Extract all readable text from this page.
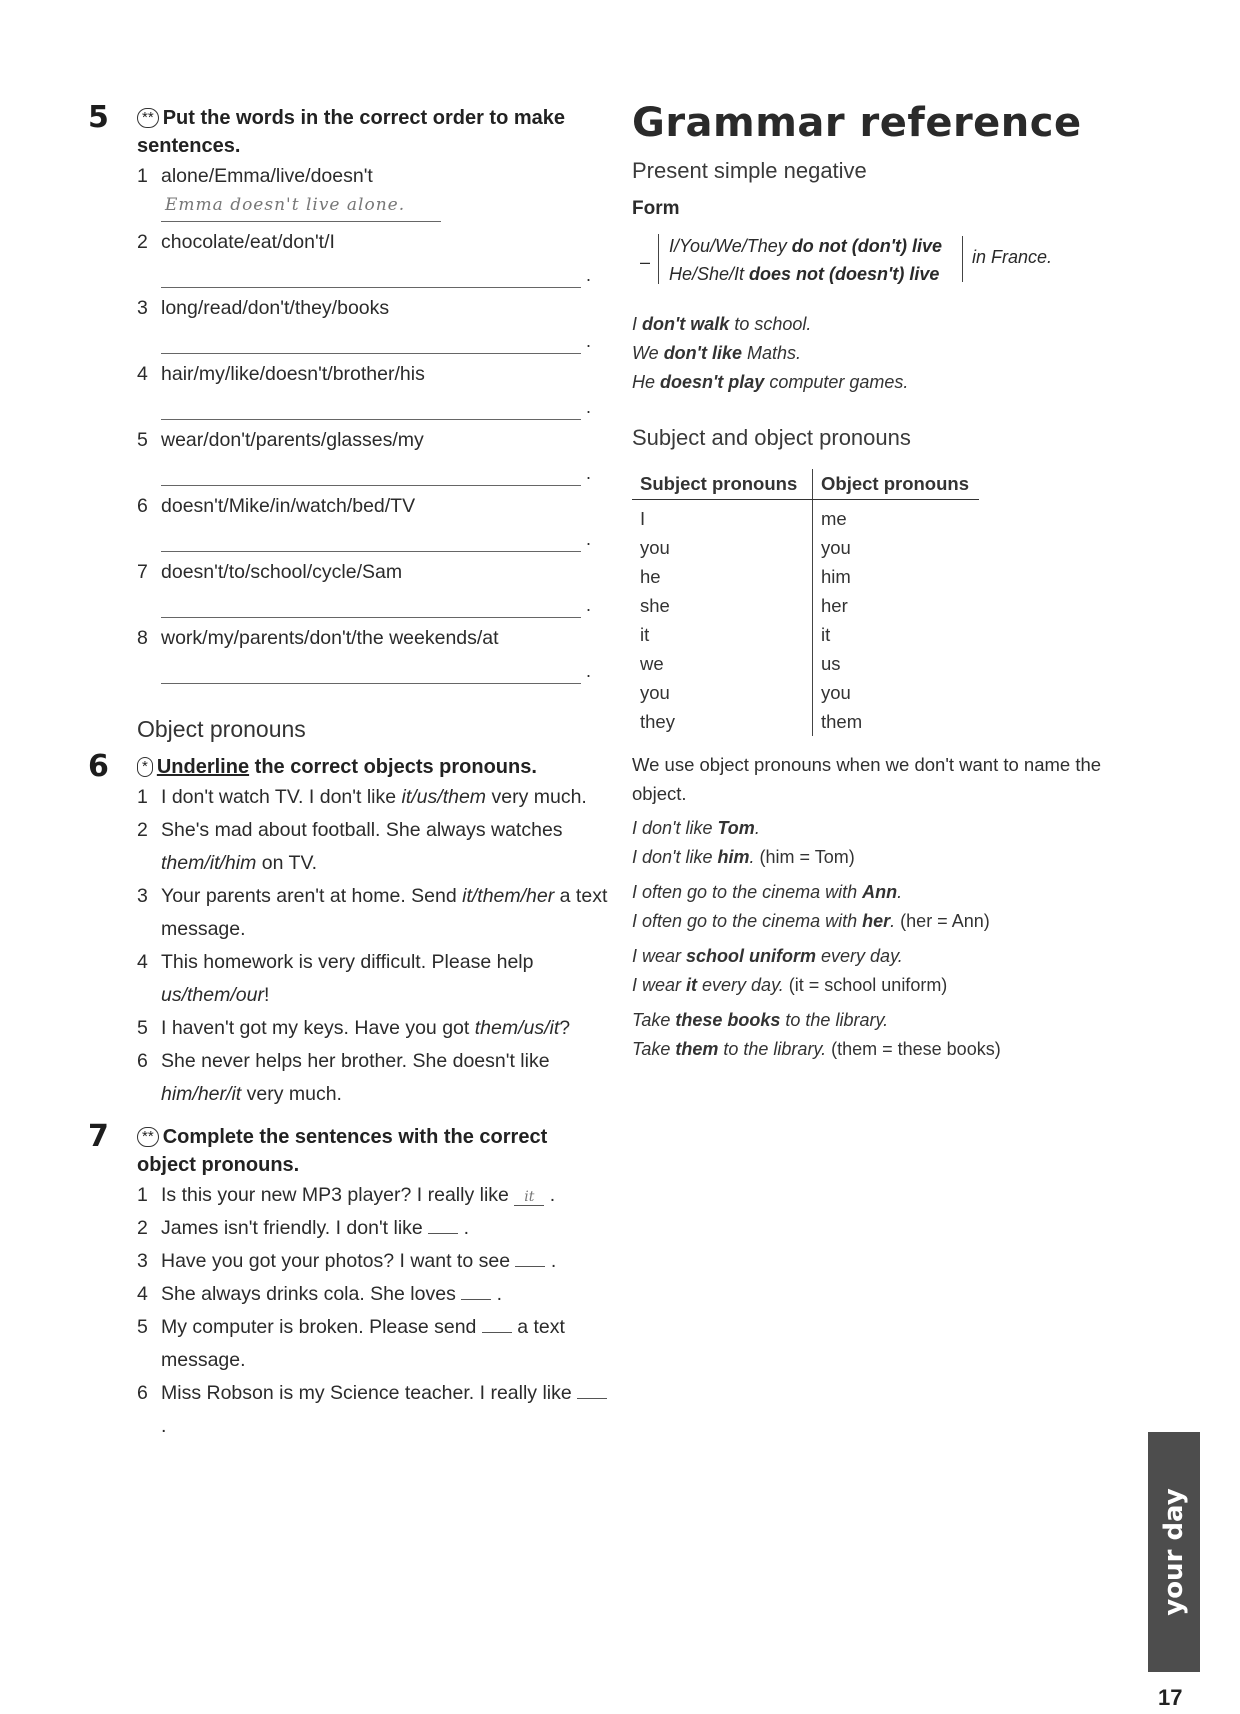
5	** Put the words in the correct order to make sentences.
1 alone/Emma/live/doesn't
Emma doesn't live alone.
2 chocolate/eat/don't/I
.
3 long/read/don't/they/books
.
4 hair/my/like/doesn't/brother/his
.
5 wear/don't/parents/glasses/my
.
6 doesn't/Mike/in/watch/bed/TV
.
7 doesn't/to/school/cycle/Sam
.
8 work/my/parents/don't/the weekends/at
.
Object pronouns
6	* Underline the correct objects pronouns.
1 I don't watch TV. I don't like it/us/them very much.
2 She's mad about football. She always watches them/it/him on TV.
3 Your parents aren't at home. Send it/them/her a text message.
4 This homework is very difficult. Please help us/them/our!
5 I haven't got my keys. Have you got them/us/it?
6 She never helps her brother. She doesn't like him/her/it very much.
7	** Complete the sentences with the correct object pronouns.
1 Is this your new MP3 player? I really like it .
2 James isn't friendly. I don't like  .
3 Have you got your photos? I want to see  .
4 She always drinks cola. She loves  .
5 My computer is broken. Please send  a text message.
6 Miss Robson is my Science teacher. I really like  .
Grammar reference
Present simple negative
Form
–
I/You/We/They do not (don't) live
He/She/It does not (doesn't) live
in France.
I don't walk to school.
We don't like Maths.
He doesn't play computer games.
Subject and object pronouns
Subject pronouns	Object pronouns
I	me
you	you
he	him
she	her
it	it
we	us
you	you
they	them
We use object pronouns when we don't want to name the object.
I don't like Tom.
I don't like him. (him = Tom)
I often go to the cinema with Ann.
I often go to the cinema with her. (her = Ann)
I wear school uniform every day.
I wear it every day. (it = school uniform)
Take these books to the library.
Take them to the library. (them = these books)
your day
17
